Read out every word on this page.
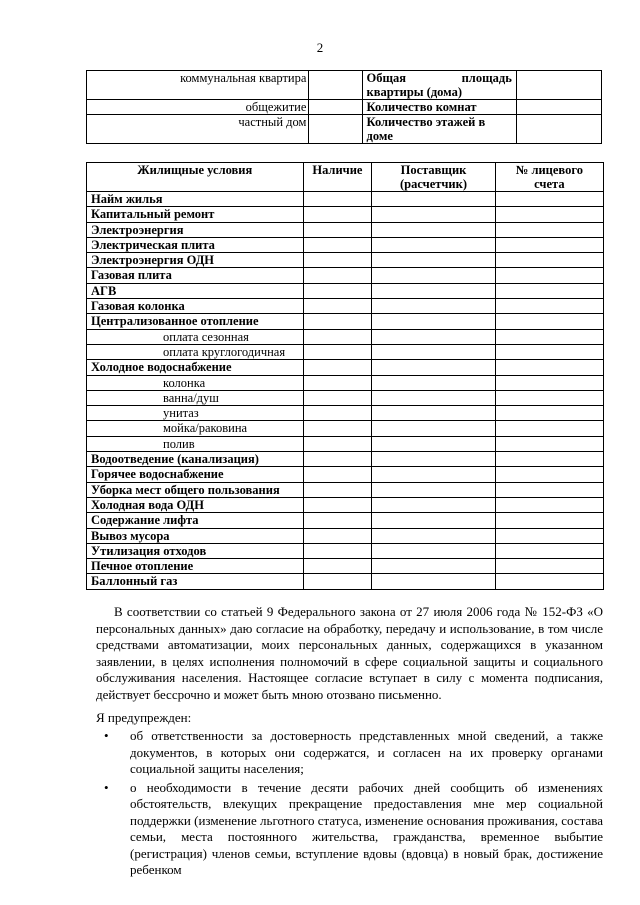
2
коммунальная квартира		Общая площадь
квартиры (дома)	
общежитие		Количество комнат	
частный дом		Количество этажей в доме	
Жилищные условия	Наличие	Поставщик (расчетчик)	№ лицевого счета
Найм жилья			
Капитальный ремонт			
Электроэнергия			
Электрическая плита			
Электроэнергия ОДН			
Газовая плита			
АГВ			
Газовая колонка			
Централизованное отопление			
оплата сезонная			
оплата круглогодичная			
Холодное водоснабжение			
колонка			
ванна/душ			
унитаз			
мойка/раковина			
полив			
Водоотведение (канализация)			
Горячее водоснабжение			
Уборка мест общего пользования			
Холодная вода ОДН			
Содержание лифта			
Вывоз мусора			
Утилизация отходов			
Печное отопление			
Баллонный газ			
В соответствии со статьей 9 Федерального закона от 27 июля 2006 года № 152-ФЗ «О персональных данных» даю согласие на обработку, передачу и использование, в том числе средствами автоматизации, моих персональных данных, содержащихся в указанном заявлении, в целях исполнения полномочий в сфере социальной защиты и социального обслуживания населения. Настоящее согласие вступает в силу с момента подписания, действует бессрочно и может быть мною отозвано письменно.
Я предупрежден:
•	об ответственности за достоверность представленных мной сведений, а также документов, в которых они содержатся, и согласен на их проверку органами социальной защиты населения;
•	о необходимости в течение десяти рабочих дней сообщить об изменениях обстоятельств, влекущих прекращение предоставления мне мер социальной поддержки (изменение льготного статуса, изменение основания проживания, состава семьи, места постоянного жительства, гражданства, временное выбытие (регистрация) членов семьи, вступление вдовы (вдовца) в новый брак, достижение ребенком
